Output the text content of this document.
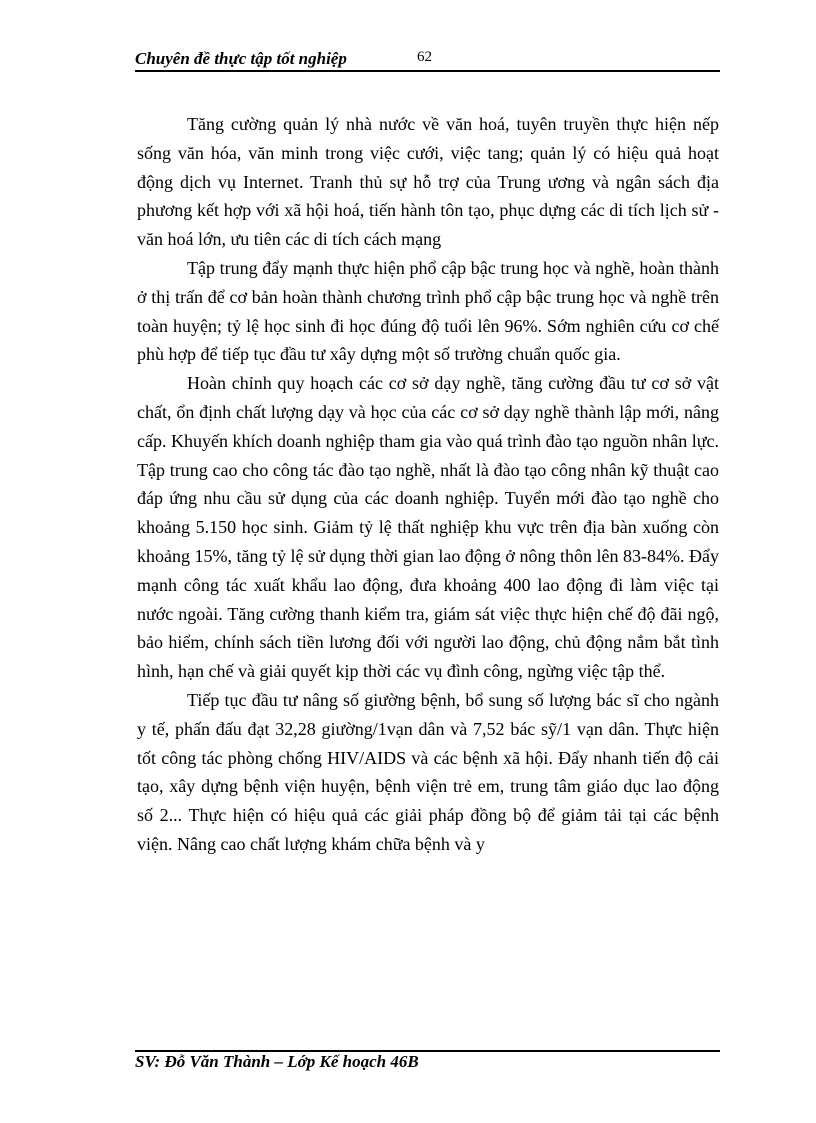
Chuyên đề thực tập tốt nghiệp	62

Tăng cường quản lý nhà nước về văn hoá, tuyên truyền thực hiện nếp sống văn hóa, văn minh trong việc cưới, việc tang; quản lý có hiệu quả hoạt động dịch vụ Internet. Tranh thủ sự hỗ trợ của Trung ương và ngân sách địa phương kết hợp với xã hội hoá, tiến hành tôn tạo, phục dựng các di tích lịch sử - văn hoá lớn, ưu tiên các di tích cách mạng

Tập trung đẩy mạnh thực hiện phổ cập bậc trung học và nghề, hoàn thành ở thị trấn để cơ bản hoàn thành chương trình phổ cập bậc trung học và nghề trên toàn huyện; tỷ lệ học sinh đi học đúng độ tuổi lên 96%. Sớm nghiên cứu cơ chế phù hợp để tiếp tục đầu tư xây dựng một số trường chuẩn quốc gia.

Hoàn chỉnh quy hoạch các cơ sở dạy nghề, tăng cường đầu tư cơ sở vật chất, ổn định chất lượng dạy và học của các cơ sở dạy nghề thành lập mới, nâng cấp. Khuyến khích doanh nghiệp tham gia vào quá trình đào tạo nguồn nhân lực. Tập trung cao cho công tác đào tạo nghề, nhất là đào tạo công nhân kỹ thuật cao đáp ứng nhu cầu sử dụng của các doanh nghiệp. Tuyển mới đào tạo nghề cho khoảng 5.150 học sinh. Giảm tỷ lệ thất nghiệp khu vực trên địa bàn xuống còn khoảng 15%, tăng tỷ lệ sử dụng thời gian lao động ở nông thôn lên 83-84%. Đẩy mạnh công tác xuất khẩu lao động, đưa khoảng 400 lao động đi làm việc tại nước ngoài. Tăng cường thanh kiểm tra, giám sát việc thực hiện chế độ đãi ngộ, bảo hiểm, chính sách tiền lương đối với người lao động, chủ động nắm bắt tình hình, hạn chế và giải quyết kịp thời các vụ đình công, ngừng việc tập thể.

Tiếp tục đầu tư nâng số giường bệnh, bổ sung số lượng bác sĩ cho ngành y tế, phấn đấu đạt 32,28 giường/1vạn dân và 7,52 bác sỹ/1 vạn dân. Thực hiện tốt công tác phòng chống HIV/AIDS và các bệnh xã hội. Đẩy nhanh tiến độ cải tạo, xây dựng bệnh viện huyện, bệnh viện trẻ em, trung tâm giáo dục lao động số 2... Thực hiện có hiệu quả các giải pháp đồng bộ để giảm tải tại các bệnh viện. Nâng cao chất lượng khám chữa bệnh và y

SV: Đỗ Văn Thành – Lớp Kế hoạch 46B
